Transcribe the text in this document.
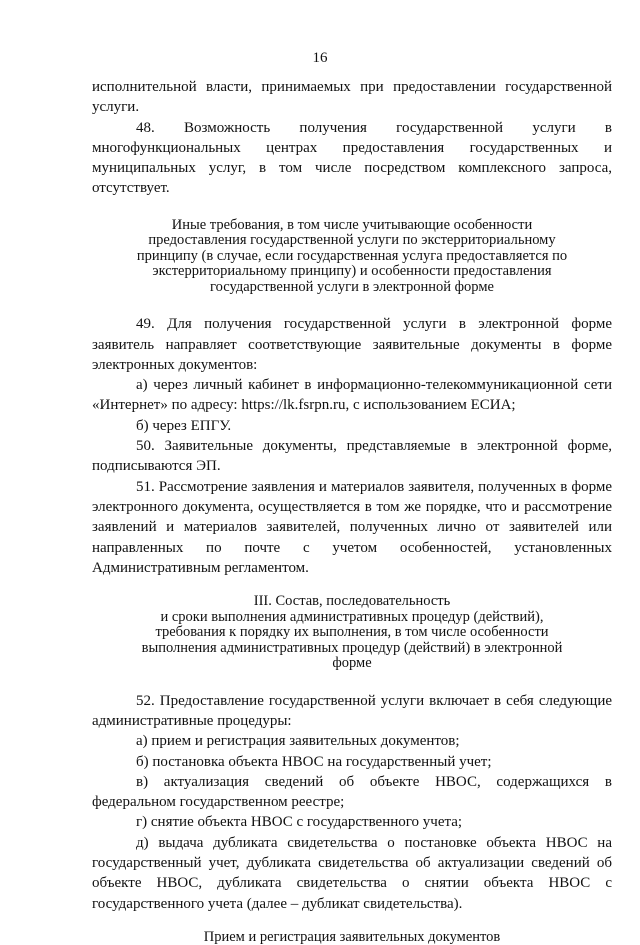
16

исполнительной власти, принимаемых при предоставлении государственной услуги.

48. Возможность получения государственной услуги в многофункциональных центрах предоставления государственных и муниципальных услуг, в том числе посредством комплексного запроса, отсутствует.

Иные требования, в том числе учитывающие особенности
предоставления государственной услуги по экстерриториальному
принципу (в случае, если государственная услуга предоставляется по
экстерриториальному принципу) и особенности предоставления
государственной услуги в электронной форме

49. Для получения государственной услуги в электронной форме заявитель направляет соответствующие заявительные документы в форме электронных документов:

а) через личный кабинет в информационно-телекоммуникационной сети «Интернет» по адресу: https://lk.fsrpn.ru, с использованием ЕСИА;

б) через ЕПГУ.

50. Заявительные документы, представляемые в электронной форме, подписываются ЭП.

51. Рассмотрение заявления и материалов заявителя, полученных в форме электронного документа, осуществляется в том же порядке, что и рассмотрение заявлений и материалов заявителей, полученных лично от заявителей или направленных по почте с учетом особенностей, установленных Административным регламентом.

III. Состав, последовательность
и сроки выполнения административных процедур (действий),
требования к порядку их выполнения, в том числе особенности
выполнения административных процедур (действий) в электронной
форме

52. Предоставление государственной услуги включает в себя следующие административные процедуры:

а) прием и регистрация заявительных документов;

б) постановка объекта НВОС на государственный учет;

в) актуализация сведений об объекте НВОС, содержащихся в федеральном государственном реестре;

г) снятие объекта НВОС с государственного учета;

д) выдача дубликата свидетельства о постановке объекта НВОС на государственный учет, дубликата свидетельства об актуализации сведений об объекте НВОС, дубликата свидетельства о снятии объекта НВОС с государственного учета (далее – дубликат свидетельства).

Прием и регистрация заявительных документов
